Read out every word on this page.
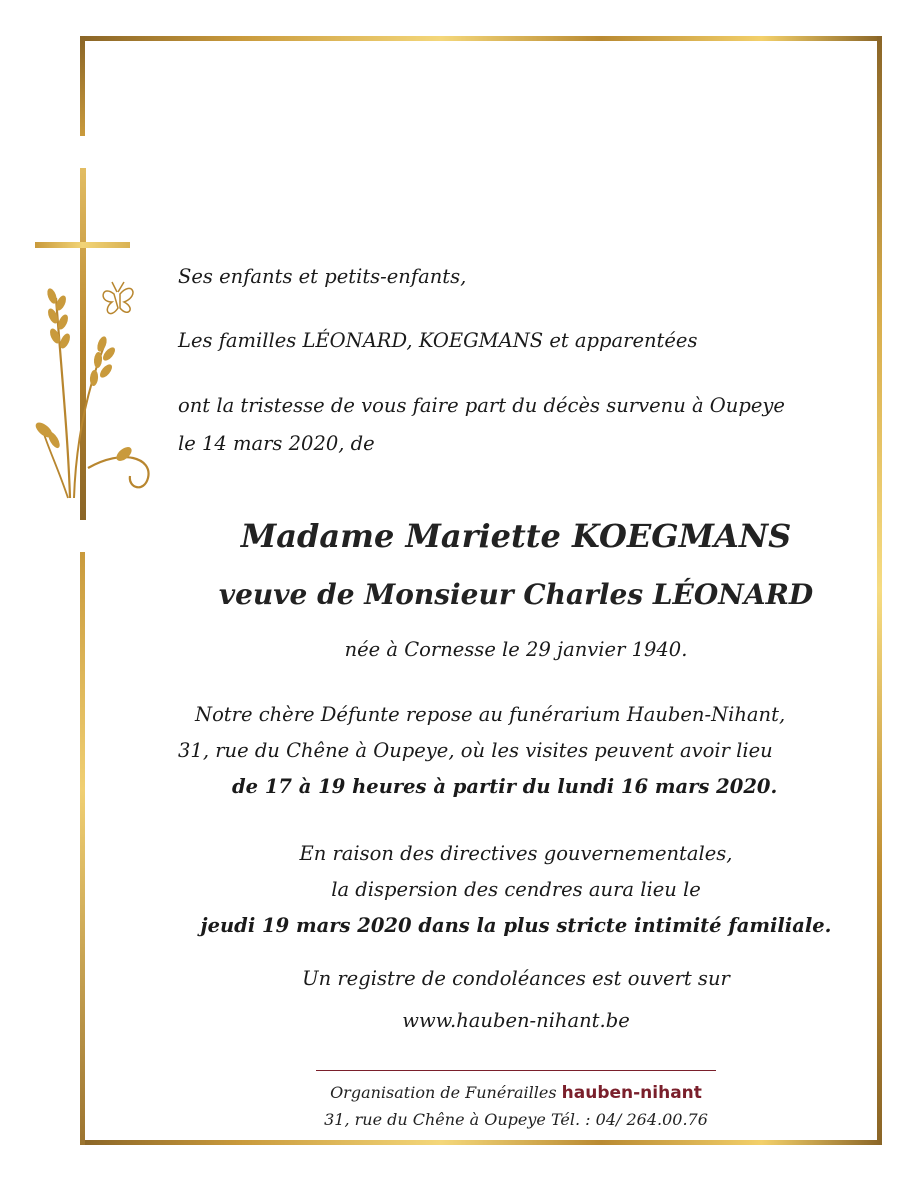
Ses enfants et petits-enfants,
Les familles LÉONARD, KOEGMANS et apparentées
ont la tristesse de vous faire part du décès survenu à Oupeye
le 14 mars 2020, de
Madame Mariette KOEGMANS
veuve de Monsieur Charles LÉONARD
née à Cornesse le 29 janvier 1940.
Notre chère Défunte repose au funérarium Hauben-Nihant,
31, rue du Chêne à Oupeye, où les visites peuvent avoir lieu
de 17 à 19 heures à partir du lundi 16 mars 2020.
En raison des directives gouvernementales,
la dispersion des cendres aura lieu le
jeudi 19 mars 2020 dans la plus stricte intimité familiale.
Un registre de condoléances est ouvert sur
www.hauben-nihant.be
Organisation de Funérailles hauben-nihant
31, rue du Chêne à Oupeye Tél. : 04/ 264.00.76
